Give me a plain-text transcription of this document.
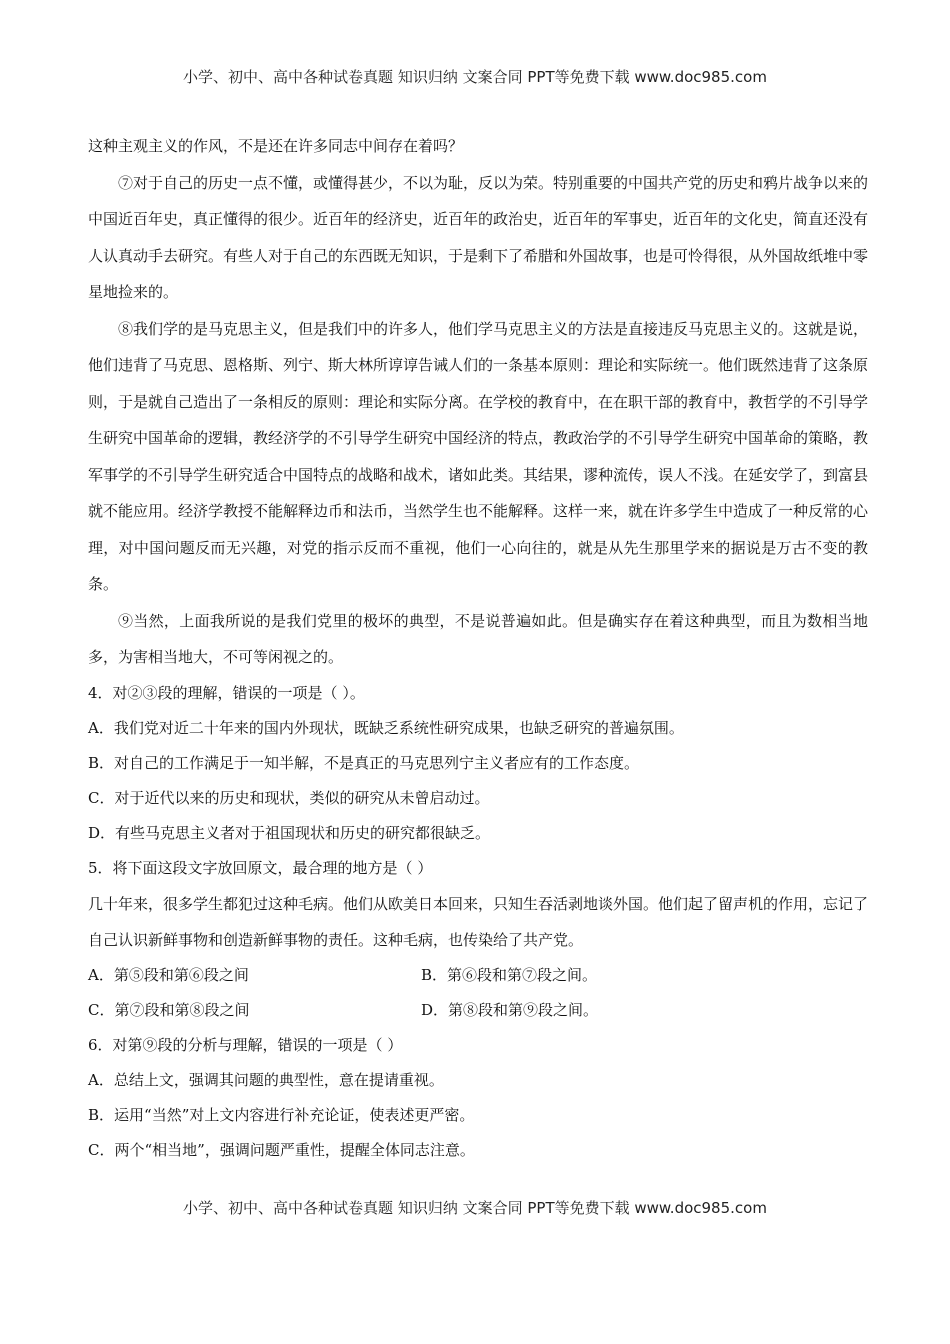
小学、初中、高中各种试卷真题 知识归纳 文案合同 PPT等免费下载 www.doc985.com

这种主观主义的作风，不是还在许多同志中间存在着吗？

⑦对于自己的历史一点不懂，或懂得甚少，不以为耻，反以为荣。特别重要的中国共产党的历史和鸦片战争以来的中国近百年史，真正懂得的很少。近百年的经济史，近百年的政治史，近百年的军事史，近百年的文化史，简直还没有人认真动手去研究。有些人对于自己的东西既无知识，于是剩下了希腊和外国故事，也是可怜得很，从外国故纸堆中零星地捡来的。

⑧我们学的是马克思主义，但是我们中的许多人，他们学马克思主义的方法是直接违反马克思主义的。这就是说，他们违背了马克思、恩格斯、列宁、斯大林所谆谆告诫人们的一条基本原则：理论和实际统一。他们既然违背了这条原则，于是就自己造出了一条相反的原则：理论和实际分离。在学校的教育中，在在职干部的教育中，教哲学的不引导学生研究中国革命的逻辑，教经济学的不引导学生研究中国经济的特点，教政治学的不引导学生研究中国革命的策略，教军事学的不引导学生研究适合中国特点的战略和战术，诸如此类。其结果，谬种流传，误人不浅。在延安学了，到富县就不能应用。经济学教授不能解释边币和法币，当然学生也不能解释。这样一来，就在许多学生中造成了一种反常的心理，对中国问题反而无兴趣，对党的指示反而不重视，他们一心向往的，就是从先生那里学来的据说是万古不变的教条。

⑨当然，上面我所说的是我们党里的极坏的典型，不是说普遍如此。但是确实存在着这种典型，而且为数相当地多，为害相当地大，不可等闲视之的。

4．对②③段的理解，错误的一项是（ ）。

A．我们党对近二十年来的国内外现状，既缺乏系统性研究成果，也缺乏研究的普遍氛围。

B．对自己的工作满足于一知半解，不是真正的马克思列宁主义者应有的工作态度。

C．对于近代以来的历史和现状，类似的研究从未曾启动过。

D．有些马克思主义者对于祖国现状和历史的研究都很缺乏。

5．将下面这段文字放回原文，最合理的地方是（ ）

几十年来，很多学生都犯过这种毛病。他们从欧美日本回来，只知生吞活剥地谈外国。他们起了留声机的作用，忘记了自己认识新鲜事物和创造新鲜事物的责任。这种毛病，也传染给了共产党。

A．第⑤段和第⑥段之间	B．第⑥段和第⑦段之间。

C．第⑦段和第⑧段之间	D．第⑧段和第⑨段之间。

6．对第⑨段的分析与理解，错误的一项是（ ）

A．总结上文，强调其问题的典型性，意在提请重视。

B．运用“当然”对上文内容进行补充论证，使表述更严密。

C．两个“相当地”，强调问题严重性，提醒全体同志注意。

小学、初中、高中各种试卷真题 知识归纳 文案合同 PPT等免费下载 www.doc985.com
